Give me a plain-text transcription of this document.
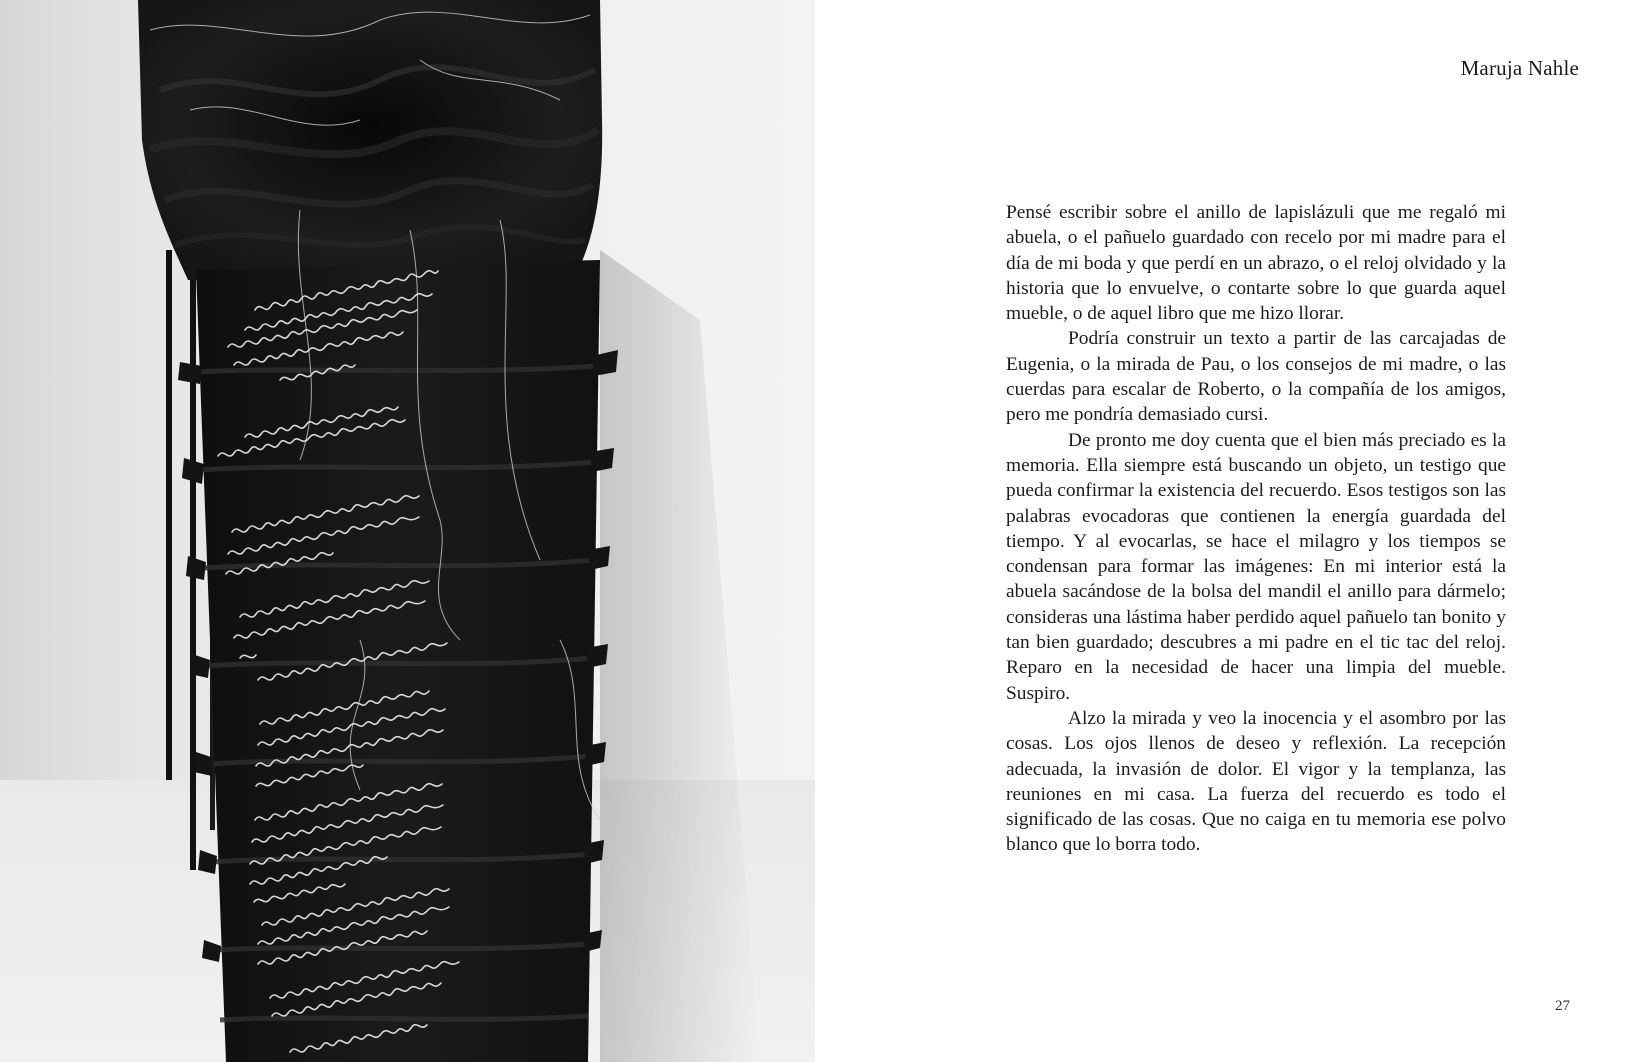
Maruja Nahle

Pensé escribir sobre el anillo de lapislázuli que me regaló mi abuela, o el pañuelo guardado con recelo por mi madre para el día de mi boda y que perdí en un abrazo, o el reloj olvidado y la historia que lo envuelve, o contarte sobre lo que guarda aquel mueble, o de aquel libro que me hizo llorar.

Podría construir un texto a partir de las carcajadas de Eugenia, o la mirada de Pau, o los consejos de mi madre, o las cuerdas para escalar de Roberto, o la compañía de los amigos, pero me pondría demasiado cursi.

De pronto me doy cuenta que el bien más preciado es la memoria. Ella siempre está buscando un objeto, un testigo que pueda confirmar la existencia del recuerdo. Esos testigos son las palabras evocadoras que contienen la energía guardada del tiempo. Y al evocarlas, se hace el milagro y los tiempos se condensan para formar las imágenes: En mi interior está la abuela sacándose de la bolsa del mandil el anillo para dármelo; consideras una lástima haber perdido aquel pañuelo tan bonito y tan bien guardado; descubres a mi padre en el tic tac del reloj. Reparo en la necesidad de hacer una limpia del mueble. Suspiro.

Alzo la mirada y veo la inocencia y el asombro por las cosas. Los ojos llenos de deseo y reflexión. La recepción adecuada, la invasión de dolor. El vigor y la templanza, las reuniones en mi casa. La fuerza del recuerdo es todo el significado de las cosas. Que no caiga en tu memoria ese polvo blanco que lo borra todo.

27
